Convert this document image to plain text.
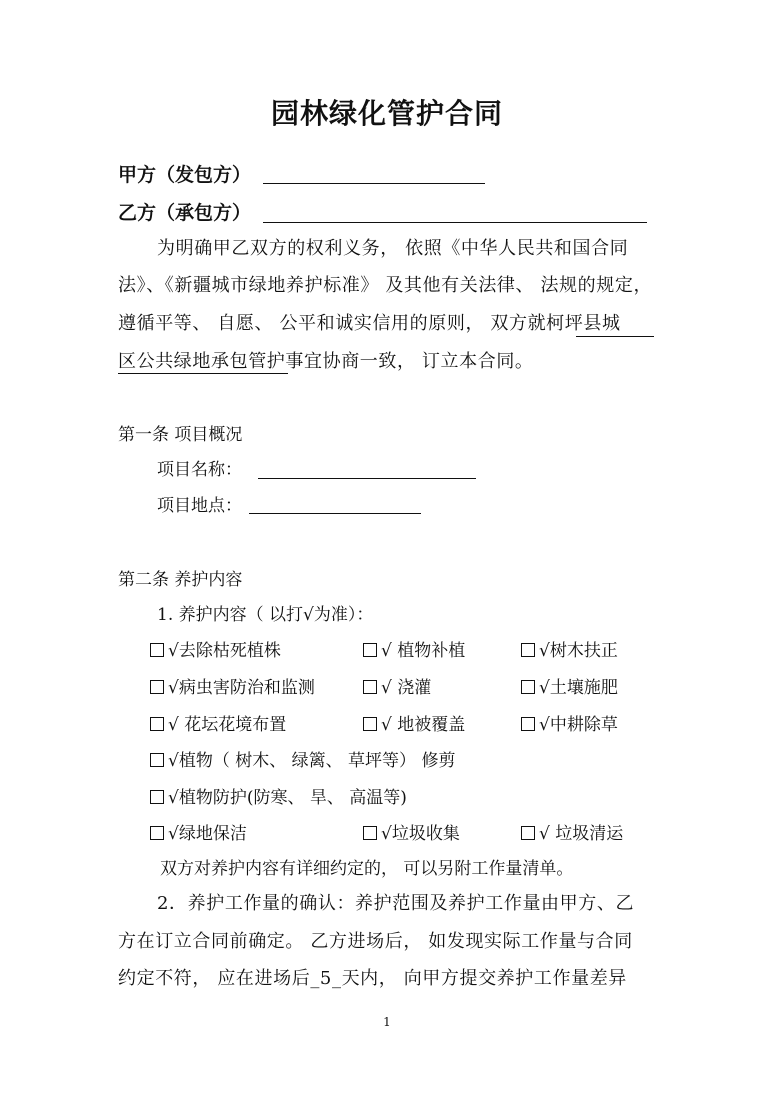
园林绿化管护合同
甲方（发包方）
乙方（承包方）
为明确甲乙双方的权利义务， 依照《中华人民共和国合同
法》、《新疆城市绿地养护标准》 及其他有关法律、 法规的规定，
遵循平等、 自愿、 公平和诚实信用的原则， 双方就柯坪县城
区公共绿地承包管护事宜协商一致， 订立本合同。
第一条 项目概况
项目名称：
项目地点：
第二条 养护内容
1. 养护内容（ 以打√为准）：
√去除枯死植株	√ 植物补植	√树木扶正
√病虫害防治和监测	√ 浇灌	√土壤施肥
√ 花坛花境布置	√ 地被覆盖	√中耕除草
√植物（ 树木、 绿篱、 草坪等） 修剪
√植物防护(防寒、 旱、 高温等)
√绿地保洁	√垃圾收集	√ 垃圾清运
双方对养护内容有详细约定的， 可以另附工作量清单。
2．养护工作量的确认：养护范围及养护工作量由甲方、乙
方在订立合同前确定。 乙方进场后， 如发现实际工作量与合同
约定不符， 应在进场后_5_天内， 向甲方提交养护工作量差异
1
